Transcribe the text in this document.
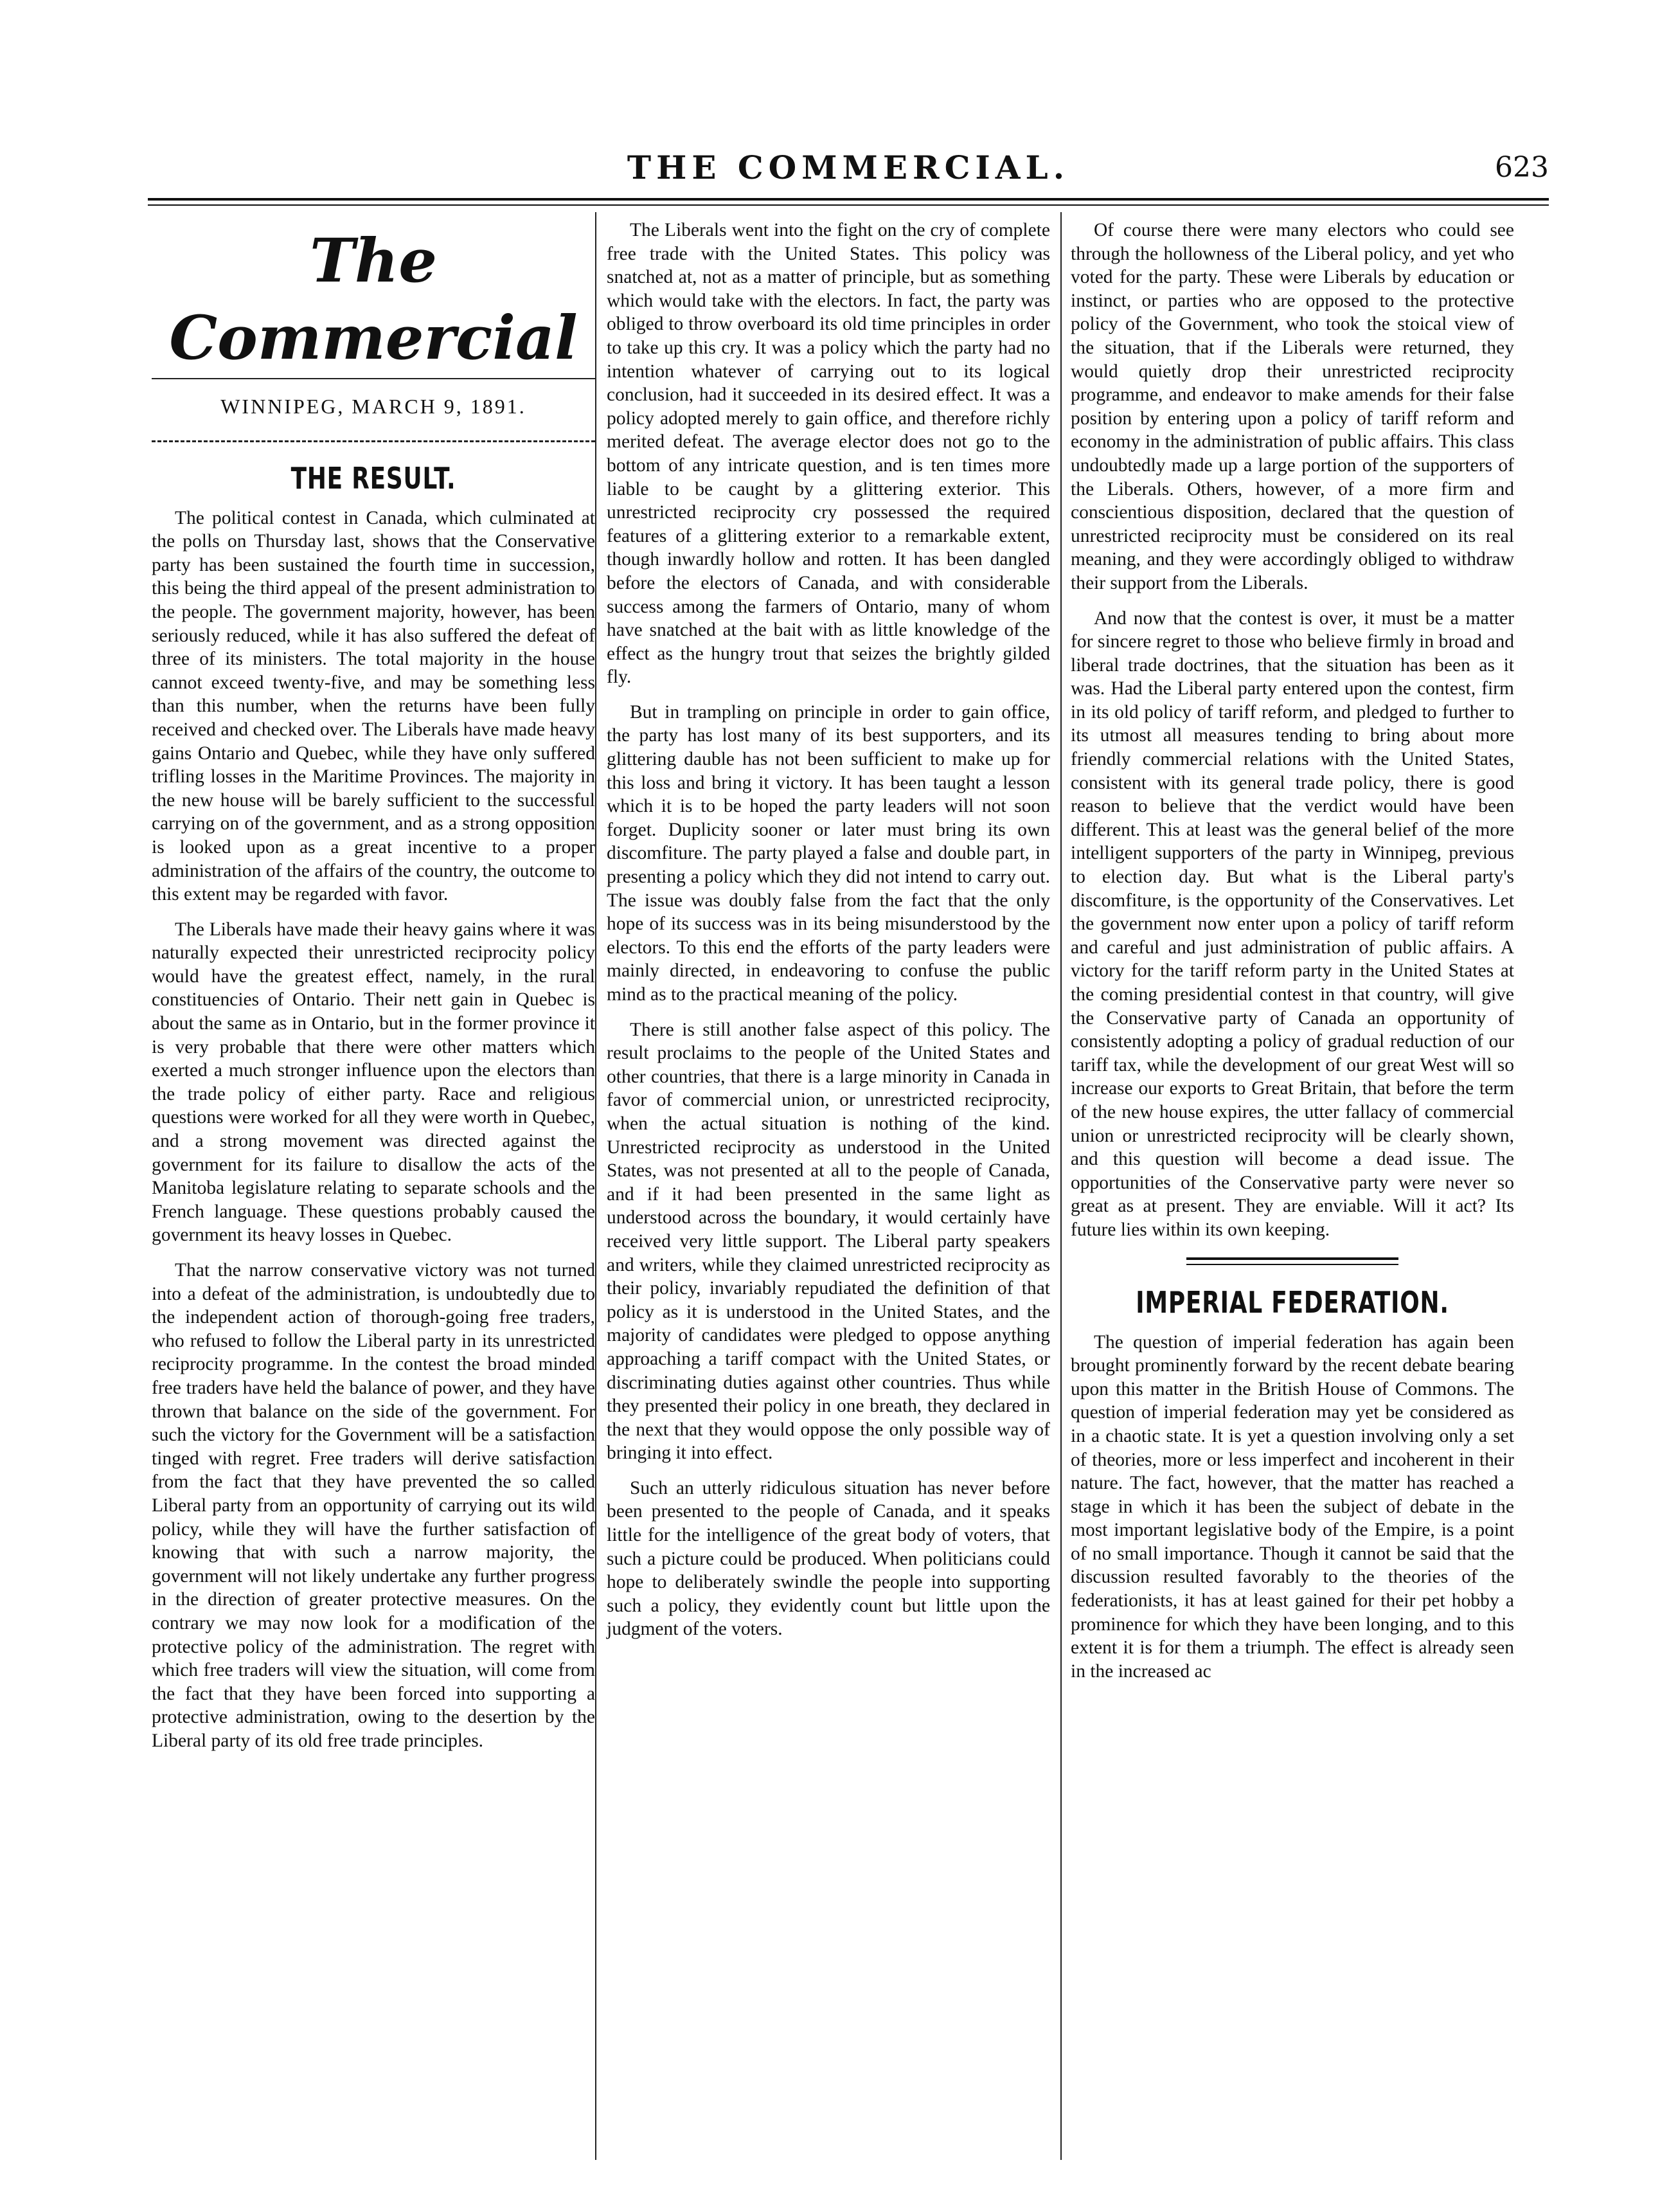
THE COMMERCIAL.	623
The Commercial
WINNIPEG, MARCH 9, 1891.
THE RESULT.

The political contest in Canada, which culminated at the polls on Thursday last, shows that the Conservative party has been sustained the fourth time in succession, this being the third appeal of the present administration to the people. The government majority, however, has been seriously reduced, while it has also suffered the defeat of three of its ministers. The total majority in the house cannot exceed twenty-five, and may be something less than this number, when the returns have been fully received and checked over. The Liberals have made heavy gains Ontario and Quebec, while they have only suffered trifling losses in the Maritime Provinces. The majority in the new house will be barely sufficient to the successful carrying on of the government, and as a strong opposition is looked upon as a great incentive to a proper administration of the affairs of the country, the outcome to this extent may be regarded with favor.

The Liberals have made their heavy gains where it was naturally expected their unrestricted reciprocity policy would have the greatest effect, namely, in the rural constituencies of Ontario. Their nett gain in Quebec is about the same as in Ontario, but in the former province it is very probable that there were other matters which exerted a much stronger influence upon the electors than the trade policy of either party. Race and religious questions were worked for all they were worth in Quebec, and a strong movement was directed against the government for its failure to disallow the acts of the Manitoba legislature relating to separate schools and the French language. These questions probably caused the government its heavy losses in Quebec.

That the narrow conservative victory was not turned into a defeat of the administration, is undoubtedly due to the independent action of thorough-going free traders, who refused to follow the Liberal party in its unrestricted reciprocity programme. In the contest the broad minded free traders have held the balance of power, and they have thrown that balance on the side of the government. For such the victory for the Government will be a satisfaction tinged with regret. Free traders will derive satisfaction from the fact that they have prevented the so called Liberal party from an opportunity of carrying out its wild policy, while they will have the further satisfaction of knowing that with such a narrow majority, the government will not likely undertake any further progress in the direction of greater protective measures. On the contrary we may now look for a modification of the protective policy of the administration. The regret with which free traders will view the situation, will come from the fact that they have been forced into supporting a protective administration, owing to the desertion by the Liberal party of its old free trade principles.

The Liberals went into the fight on the cry of complete free trade with the United States. This policy was snatched at, not as a matter of principle, but as something which would take with the electors. In fact, the party was obliged to throw overboard its old time principles in order to take up this cry. It was a policy which the party had no intention whatever of carrying out to its logical conclusion, had it succeeded in its desired effect. It was a policy adopted merely to gain office, and therefore richly merited defeat. The average elector does not go to the bottom of any intricate question, and is ten times more liable to be caught by a glittering exterior. This unrestricted reciprocity cry possessed the required features of a glittering exterior to a remarkable extent, though inwardly hollow and rotten. It has been dangled before the electors of Canada, and with considerable success among the farmers of Ontario, many of whom have snatched at the bait with as little knowledge of the effect as the hungry trout that seizes the brightly gilded fly.

But in trampling on principle in order to gain office, the party has lost many of its best supporters, and its glittering dauble has not been sufficient to make up for this loss and bring it victory. It has been taught a lesson which it is to be hoped the party leaders will not soon forget. Duplicity sooner or later must bring its own discomfiture. The party played a false and double part, in presenting a policy which they did not intend to carry out. The issue was doubly false from the fact that the only hope of its success was in its being misunderstood by the electors. To this end the efforts of the party leaders were mainly directed, in endeavoring to confuse the public mind as to the practical meaning of the policy.

There is still another false aspect of this policy. The result proclaims to the people of the United States and other countries, that there is a large minority in Canada in favor of commercial union, or unrestricted reciprocity, when the actual situation is nothing of the kind. Unrestricted reciprocity as understood in the United States, was not presented at all to the people of Canada, and if it had been presented in the same light as understood across the boundary, it would certainly have received very little support. The Liberal party speakers and writers, while they claimed unrestricted reciprocity as their policy, invariably repudiated the definition of that policy as it is understood in the United States, and the majority of candidates were pledged to oppose anything approaching a tariff compact with the United States, or discriminating duties against other countries. Thus while they presented their policy in one breath, they declared in the next that they would oppose the only possible way of bringing it into effect.

Such an utterly ridiculous situation has never before been presented to the people of Canada, and it speaks little for the intelligence of the great body of voters, that such a picture could be produced. When politicians could hope to deliberately swindle the people into supporting such a policy, they evidently count but little upon the judgment of the voters.

Of course there were many electors who could see through the hollowness of the Liberal policy, and yet who voted for the party. These were Liberals by education or instinct, or parties who are opposed to the protective policy of the Government, who took the stoical view of the situation, that if the Liberals were returned, they would quietly drop their unrestricted reciprocity programme, and endeavor to make amends for their false position by entering upon a policy of tariff reform and economy in the administration of public affairs. This class undoubtedly made up a large portion of the supporters of the Liberals. Others, however, of a more firm and conscientious disposition, declared that the question of unrestricted reciprocity must be considered on its real meaning, and they were accordingly obliged to withdraw their support from the Liberals.

And now that the contest is over, it must be a matter for sincere regret to those who believe firmly in broad and liberal trade doctrines, that the situation has been as it was. Had the Liberal party entered upon the contest, firm in its old policy of tariff reform, and pledged to further to its utmost all measures tending to bring about more friendly commercial relations with the United States, consistent with its general trade policy, there is good reason to believe that the verdict would have been different. This at least was the general belief of the more intelligent supporters of the party in Winnipeg, previous to election day. But what is the Liberal party's discomfiture, is the opportunity of the Conservatives. Let the government now enter upon a policy of tariff reform and careful and just administration of public affairs. A victory for the tariff reform party in the United States at the coming presidential contest in that country, will give the Conservative party of Canada an opportunity of consistently adopting a policy of gradual reduction of our tariff tax, while the development of our great West will so increase our exports to Great Britain, that before the term of the new house expires, the utter fallacy of commercial union or unrestricted reciprocity will be clearly shown, and this question will become a dead issue. The opportunities of the Conservative party were never so great as at present. They are enviable. Will it act? Its future lies within its own keeping.

IMPERIAL FEDERATION.

The question of imperial federation has again been brought prominently forward by the recent debate bearing upon this matter in the British House of Commons. The question of imperial federation may yet be considered as in a chaotic state. It is yet a question involving only a set of theories, more or less imperfect and incoherent in their nature. The fact, however, that the matter has reached a stage in which it has been the subject of debate in the most important legislative body of the Empire, is a point of no small importance. Though it cannot be said that the discussion resulted favorably to the theories of the federationists, it has at least gained for their pet hobby a prominence for which they have been longing, and to this extent it is for them a triumph. The effect is already seen in the increased ac
